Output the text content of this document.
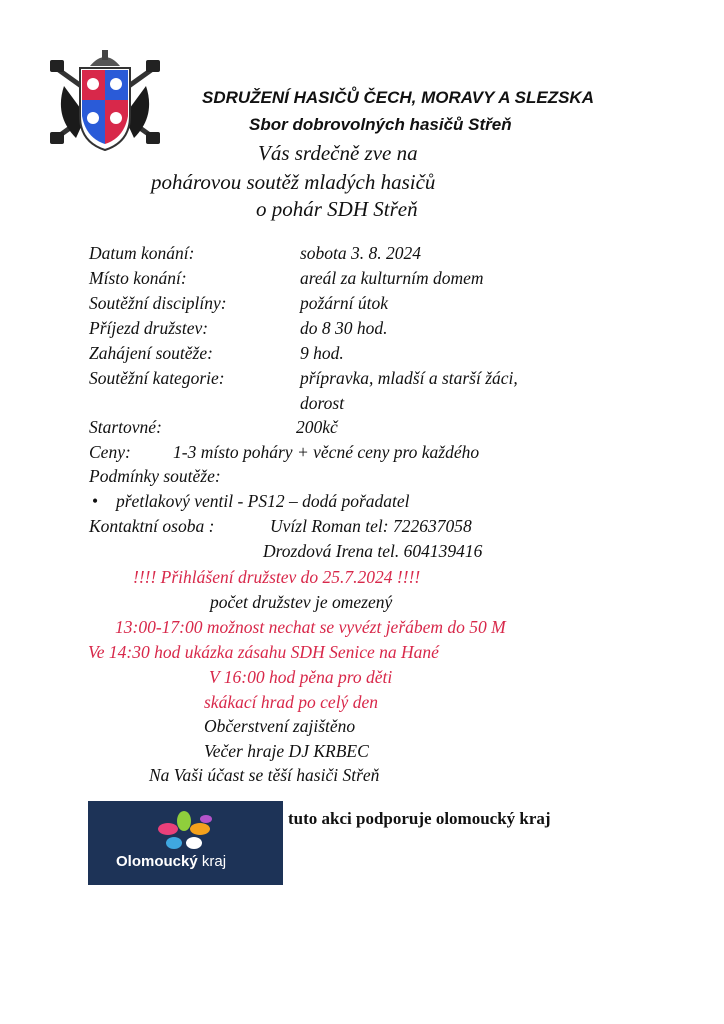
SDRUŽENÍ HASIČŮ ČECH, MORAVY A SLEZSKA
Sbor dobrovolných hasičů Střeň
Vás srdečně zve na
pohárovou soutěž mladých hasičů
o pohár SDH Střeň
Datum konání:	sobota 3. 8. 2024
Místo konání:	areál za kulturním domem
Soutěžní disciplíny:	požární útok
Příjezd družstev:	do 8 30 hod.
Zahájení soutěže:	9 hod.
Soutěžní kategorie:	přípravka, mladší a starší žáci,
dorost
Startovné:	200kč
Ceny: 1-3 místo poháry + věcné ceny pro každého
Podmínky soutěže:
• přetlakový ventil - PS12 – dodá pořadatel
Kontaktní osoba :	Uvízl Roman tel: 722637058
Drozdová Irena tel. 604139416
!!!! Přihlášení družstev do 25.7.2024 !!!!
počet družstev je omezený
13:00-17:00 možnost nechat se vyvézt jeřábem do 50 M
Ve 14:30 hod ukázka zásahu SDH Senice na Hané
V 16:00 hod pěna pro děti
skákací hrad po celý den
Občerstvení zajištěno
Večer hraje DJ KRBEC
Na Vaši účast se těší hasiči Střeň
Olomoucký kraj
tuto akci podporuje olomoucký kraj
